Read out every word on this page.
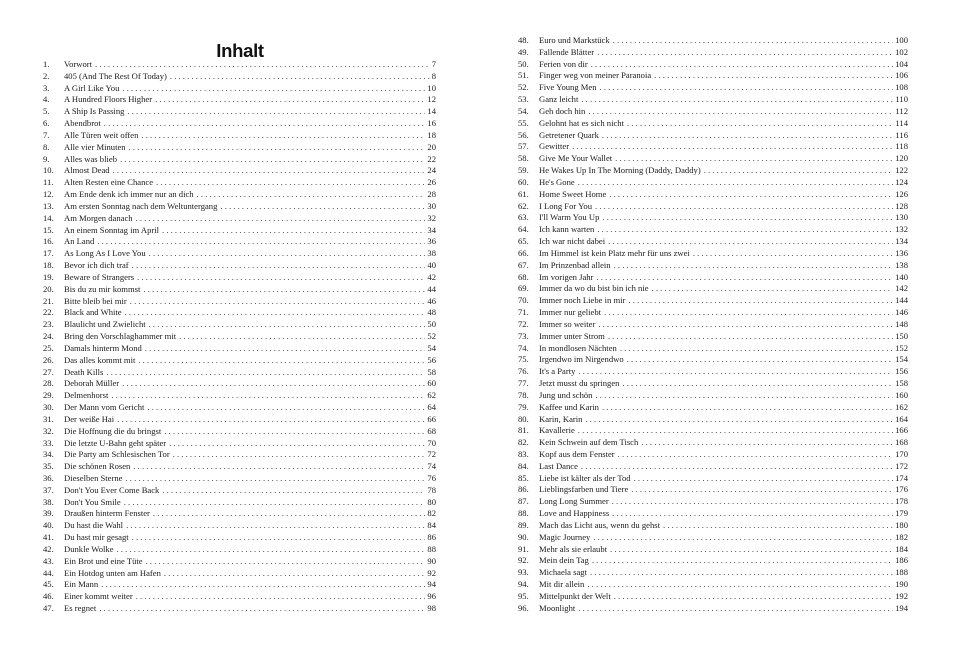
Inhalt
1.	Vorwort . . .	7
2.	405 (And The Rest Of Today) . . .	8
3.	A Girl Like You . . .	10
4.	A Hundred Floors Higher . . .	12
5.	A Ship Is Passing . . .	14
6.	Abendbrot . . .	16
7.	Alle Türen weit offen . . .	18
8.	Alle vier Minuten . . .	20
9.	Alles was blieb . . .	22
10.	Almost Dead . . .	24
11.	Alten Resten eine Chance . . .	26
12.	Am Ende denk ich immer nur an dich . . .	28
13.	Am ersten Sonntag nach dem Weltuntergang . . .	30
14.	Am Morgen danach . . .	32
15.	An einem Sonntag im April . . .	34
16.	An Land . . .	36
17.	As Long As I Love You . . .	38
18.	Bevor ich dich traf . . .	40
19.	Beware of Strangers . . .	42
20.	Bis du zu mir kommst . . .	44
21.	Bitte bleib bei mir . . .	46
22.	Black and White . . .	48
23.	Blaulicht und Zwielicht . . .	50
24.	Bring den Vorschlaghammer mit . . .	52
25.	Damals hinterm Mond . . .	54
26.	Das alles kommt mit . . .	56
27.	Death Kills . . .	58
28.	Deborah Müller . . .	60
29.	Delmenhorst . . .	62
30.	Der Mann vom Gericht . . .	64
31.	Der weiße Hai . . .	66
32.	Die Hoffnung die du bringst . . .	68
33.	Die letzte U-Bahn geht später . . .	70
34.	Die Party am Schlesischen Tor . . .	72
35.	Die schönen Rosen . . .	74
36.	Dieselben Sterne . . .	76
37.	Don't You Ever Come Back . . .	78
38.	Don't You Smile . . .	80
39.	Draußen hinterm Fenster . . .	82
40.	Du hast die Wahl . . .	84
41.	Du hast mir gesagt . . .	86
42.	Dunkle Wolke . . .	88
43.	Ein Brot und eine Tüte . . .	90
44.	Ein Hotdog unten am Hafen . . .	92
45.	Ein Mann . . .	94
46.	Einer kommt weiter . . .	96
47.	Es regnet . . .	98
48.	Euro und Markstück . . .	100
49.	Fallende Blätter . . .	102
50.	Ferien von dir . . .	104
51.	Finger weg von meiner Paranoia . . .	106
52.	Five Young Men . . .	108
53.	Ganz leicht . . .	110
54.	Geh doch hin . . .	112
55.	Gelohnt hat es sich nicht . . .	114
56.	Getretener Quark . . .	116
57.	Gewitter . . .	118
58.	Give Me Your Wallet . . .	120
59.	He Wakes Up In The Morning (Daddy, Daddy) . . .	122
60.	He's Gone . . .	124
61.	Home Sweet Home . . .	126
62.	I Long For You . . .	128
63.	I'll Warm You Up . . .	130
64.	Ich kann warten . . .	132
65.	Ich war nicht dabei . . .	134
66.	Im Himmel ist kein Platz mehr für uns zwei . . .	136
67.	Im Prinzenbad allein . . .	138
68.	Im vorigen Jahr . . .	140
69.	Immer da wo du bist bin ich nie . . .	142
70.	Immer noch Liebe in mir . . .	144
71.	Immer nur geliebt . . .	146
72.	Immer so weiter . . .	148
73.	Immer unter Strom . . .	150
74.	In mondlosen Nächten . . .	152
75.	Irgendwo im Nirgendwo . . .	154
76.	It's a Party . . .	156
77.	Jetzt musst du springen . . .	158
78.	Jung und schön . . .	160
79.	Kaffee und Karin . . .	162
80.	Karin, Karin . . .	164
81.	Kavallerie . . .	166
82.	Kein Schwein auf dem Tisch . . .	168
83.	Kopf aus dem Fenster . . .	170
84.	Last Dance . . .	172
85.	Liebe ist kälter als der Tod . . .	174
86.	Lieblingsfarben und Tiere . . .	176
87.	Long Long Summer . . .	178
88.	Love and Happiness . . .	179
89.	Mach das Licht aus, wenn du gehst . . .	180
90.	Magic Journey . . .	182
91.	Mehr als sie erlaubt . . .	184
92.	Mein dein Tag . . .	186
93.	Michaela sagt . . .	188
94.	Mit dir allein . . .	190
95.	Mittelpunkt der Welt . . .	192
96.	Moonlight . . .	194
